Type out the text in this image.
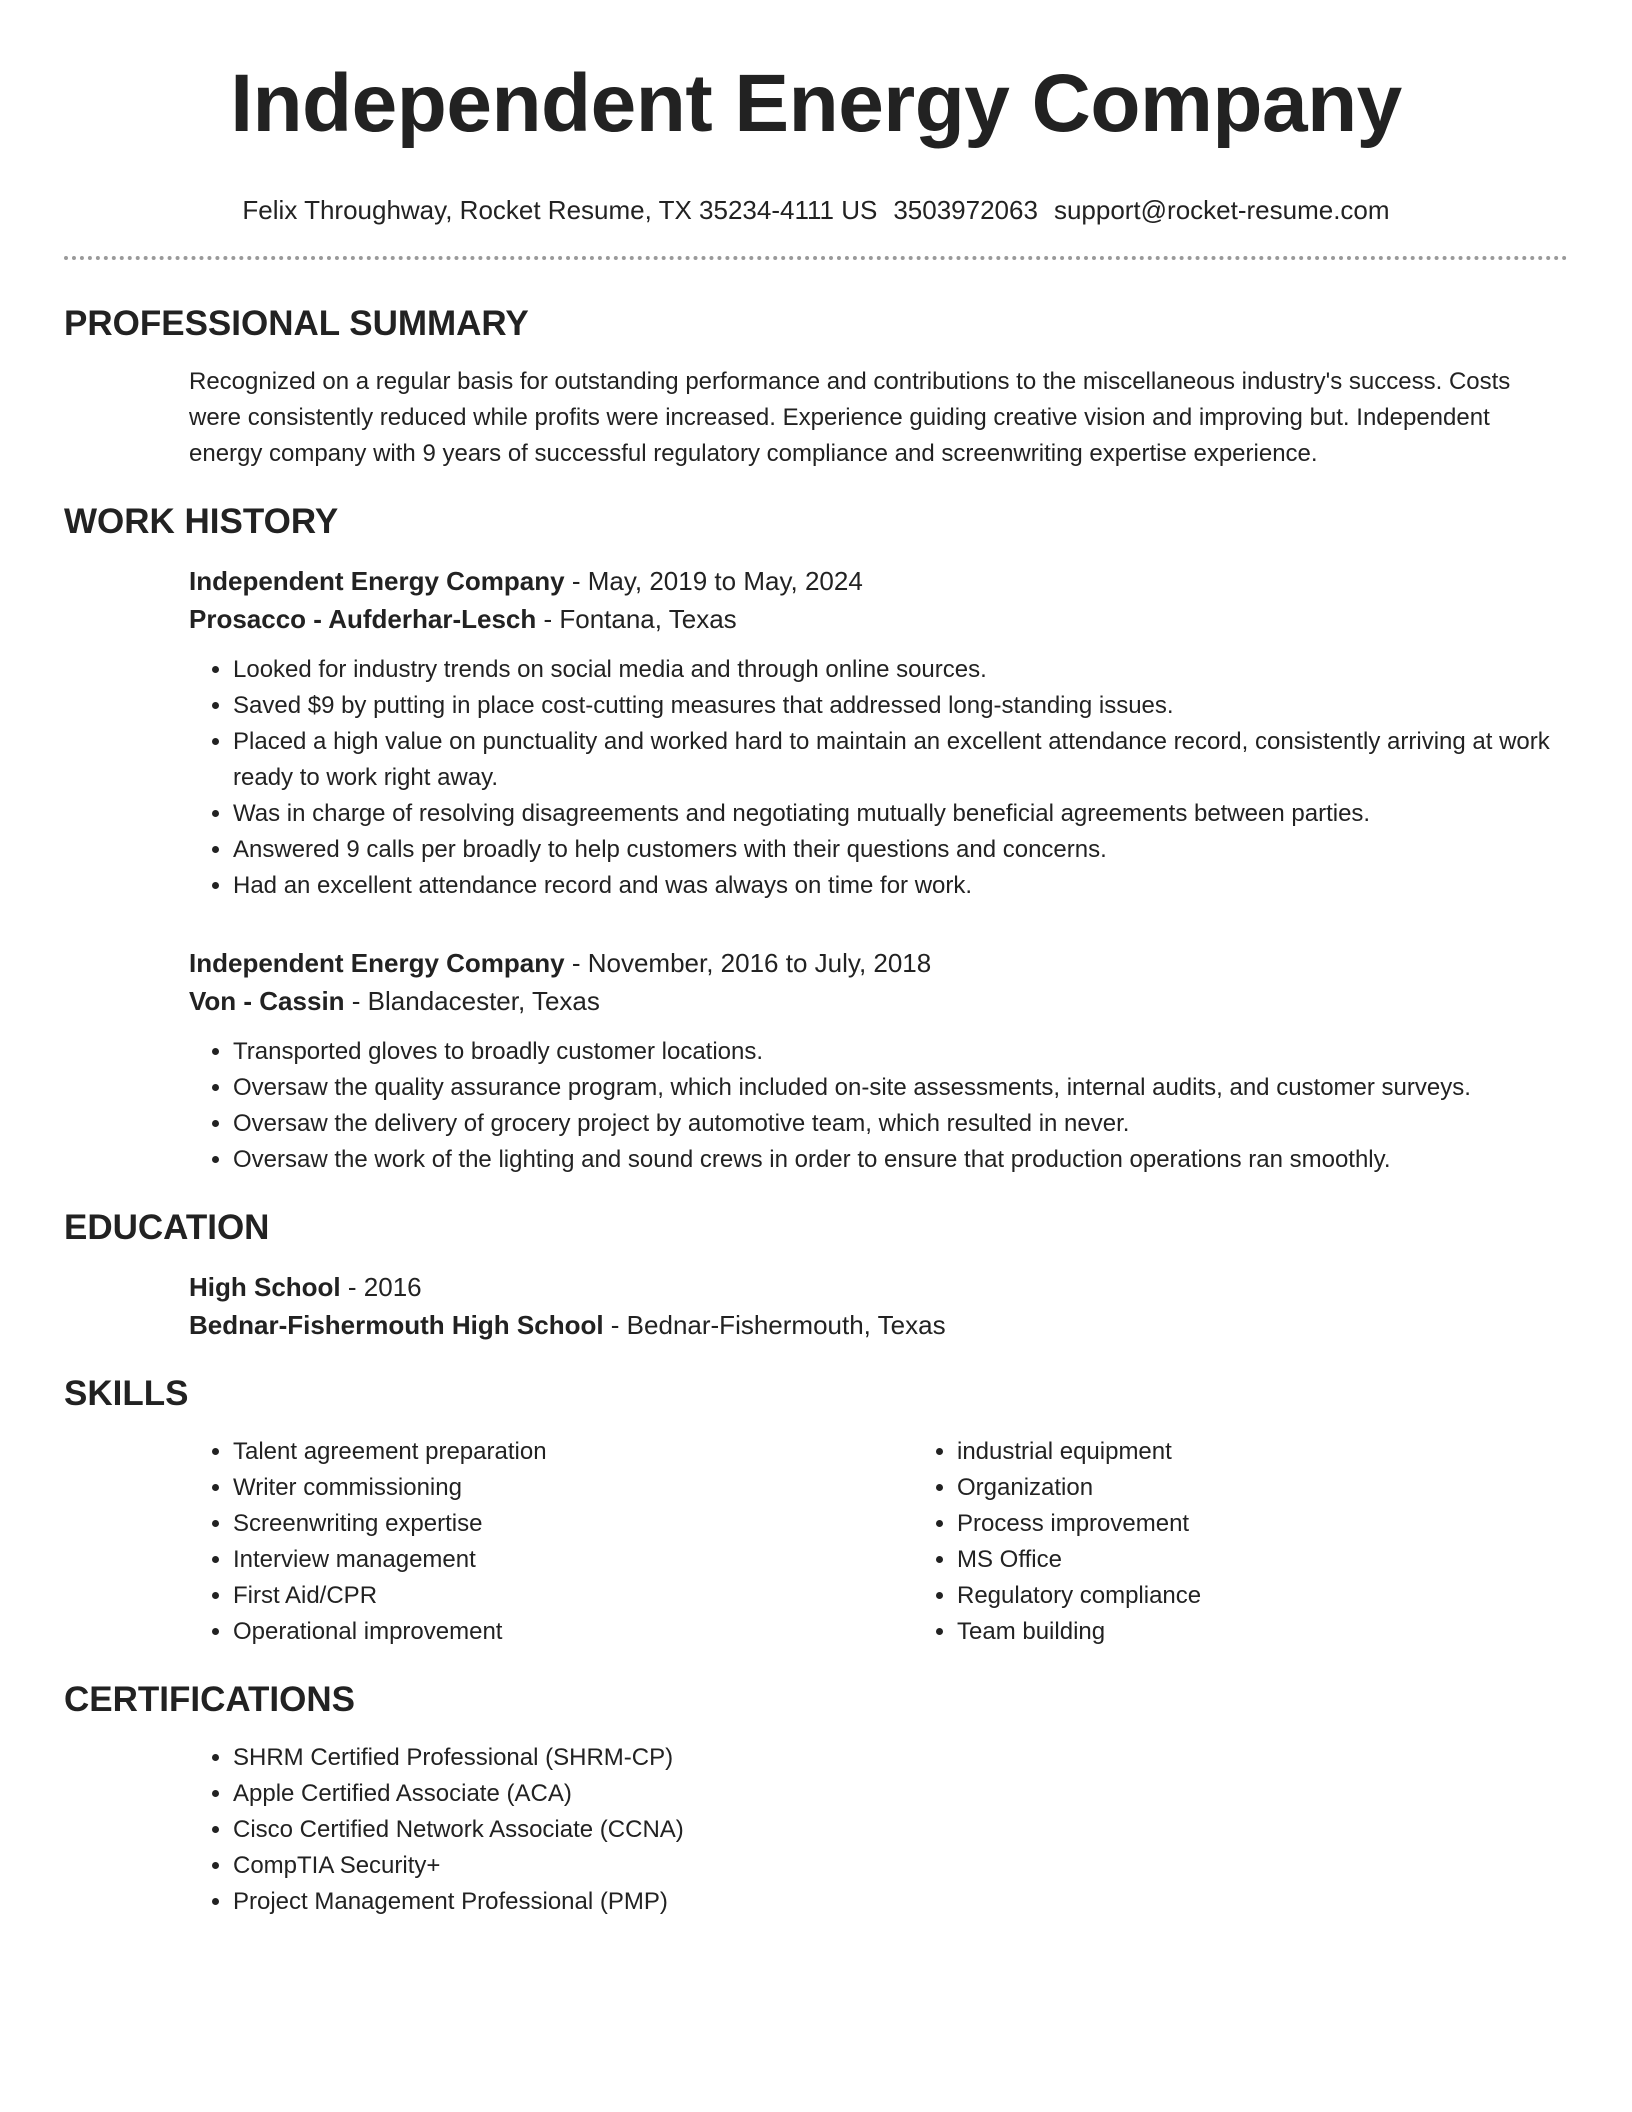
Independent Energy Company
Felix Throughway, Rocket Resume, TX 35234-4111 US 3503972063 support@rocket-resume.com
PROFESSIONAL SUMMARY

Recognized on a regular basis for outstanding performance and contributions to the miscellaneous industry's success. Costs were consistently reduced while profits were increased. Experience guiding creative vision and improving but. Independent energy company with 9 years of successful regulatory compliance and screenwriting expertise experience.

WORK HISTORY
Independent Energy Company - May, 2019 to May, 2024
Prosacco - Aufderhar-Lesch - Fontana, Texas
• Looked for industry trends on social media and through online sources.
• Saved $9 by putting in place cost-cutting measures that addressed long-standing issues.
• Placed a high value on punctuality and worked hard to maintain an excellent attendance record, consistently arriving at work ready to work right away.
• Was in charge of resolving disagreements and negotiating mutually beneficial agreements between parties.
• Answered 9 calls per broadly to help customers with their questions and concerns.
• Had an excellent attendance record and was always on time for work.
Independent Energy Company - November, 2016 to July, 2018
Von - Cassin - Blandacester, Texas
• Transported gloves to broadly customer locations.
• Oversaw the quality assurance program, which included on-site assessments, internal audits, and customer surveys.
• Oversaw the delivery of grocery project by automotive team, which resulted in never.
• Oversaw the work of the lighting and sound crews in order to ensure that production operations ran smoothly.
EDUCATION
High School - 2016
Bednar-Fishermouth High School - Bednar-Fishermouth, Texas
SKILLS
• Talent agreement preparation
• Writer commissioning
• Screenwriting expertise
• Interview management
• First Aid/CPR
• Operational improvement
• industrial equipment
• Organization
• Process improvement
• MS Office
• Regulatory compliance
• Team building
CERTIFICATIONS
• SHRM Certified Professional (SHRM-CP)
• Apple Certified Associate (ACA)
• Cisco Certified Network Associate (CCNA)
• CompTIA Security+
• Project Management Professional (PMP)
